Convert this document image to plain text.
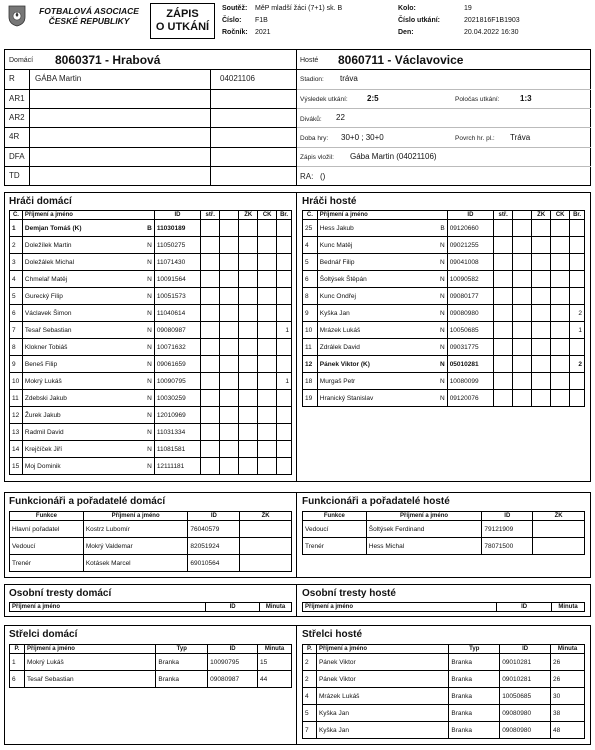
FOTBALOVÁ ASOCIACE ČESKÉ REPUBLIKY
ZÁPIS
O UTKÁNÍ
Soutěž: MěP mladší žáci (7+1) sk. B
Číslo: F1B
Ročník: 2021
Kolo:	19
Číslo utkání:	2021816F1B1903
Den:	20.04.2022 16:30
Domácí 8060371 - Hrabová	Hosté 8060711 - Václavovice
R	GÁBA Martin	04021106
AR1
AR2
4R
DFA
TD
Stadion: tráva
Výsledek utkání: 2:5	Poločas utkání:	1:3
Diváků: 22
Doba hry: 30+0 ; 30+0	Povrch hr. pl.: Tráva
Zápis vložil: Gába Martin (04021106)
RA: ()
Hráči domácí	Hráči hosté
Č.	Příjmení a jméno	ID	stř.		ŽK	ČK	Br.
1	Demjan Tomáš (K) B	11030189					
2	Doležílek Martin N	11050275					
3	Doležálek Michal N	11071430					
4	Chmelař Matěj N	10091564					
5	Gurecký Filip N	10051573					
6	Václavek Šimon N	11040614					
7	Tesař Sebastian N	09080987					1
8	Klokner Tobiáš N	10071632					
9	Beneš Filip N	09061659					
10	Mokrý Lukáš N	10090795					1
11	Zdebski Jakub N	10030259					
12	Žurek Jakub N	12010969					
13	Radmil David N	11031334					
14	Krejčíček Jiří N	11081581					
15	Moj Dominik N	12111181					
Č.	Příjmení a jméno	ID	stř.		ŽK	ČK	Br.
25	Hess Jakub B	09120660					
4	Kunc Matěj N	09021255					
5	Bednář Filip N	09041008					
6	Šoltýsek Štěpán N	10090582					
8	Kunc Ondřej N	09080177					
9	Kyška Jan N	09080980					2
10	Mrázek Lukáš N	10050685					1
11	Zdrálek David N	09031775					
12	Pánek Viktor (K) N	05010281					2
18	Murgaš Petr N	10080099					
19	Hranický Stanislav N	09120076					
Funkcionáři a pořadatelé domácí	Funkcionáři a pořadatelé hosté
Funkce	Příjmení a jméno	ID	ŽK
Hlavní pořadatel	Kostrz Lubomír	76040579	
Vedoucí	Mokrý Valdemar	82051924	
Trenér	Kotásek Marcel	69010564	
Funkce	Příjmení a jméno	ID	ŽK
Vedoucí	Šoltýsek Ferdinand	79121909	
Trenér	Hess Michal	78071500	
Osobní tresty domácí	Osobní tresty hosté
Příjmení a jméno	ID	Minuta	Příjmení a jméno	ID	Minuta
Střelci domácí	Střelci hosté
P.	Příjmení a jméno	Typ	ID	Minuta
1	Mokrý Lukáš	Branka	10090795	15
6	Tesař Sebastian	Branka	09080987	44
P.	Příjmení a jméno	Typ	ID	Minuta
2	Pánek Viktor	Branka	09010281	26
2	Pánek Viktor	Branka	09010281	26
4	Mrázek Lukáš	Branka	10050685	30
5	Kyška Jan	Branka	09080980	38
7	Kyška Jan	Branka	09080980	48
